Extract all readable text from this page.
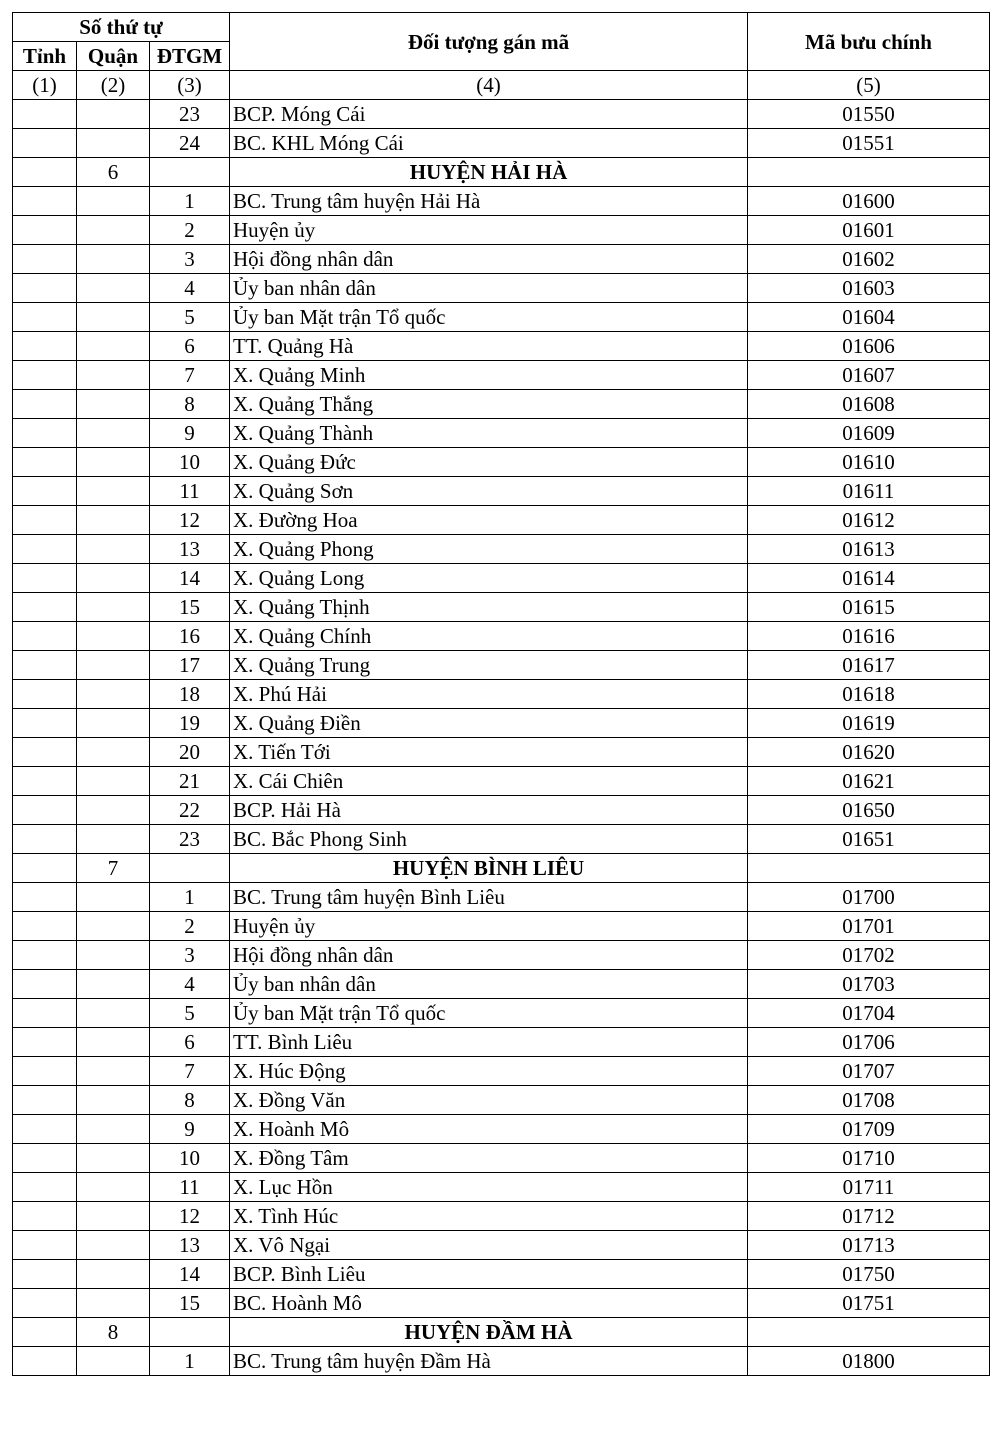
Số thứ tự			Đối tượng gán mã	Mã bưu chính
Tỉnh	Quận	ĐTGM		
(1)	(2)	(3)	(4)	(5)
		23	BCP. Móng Cái	01550
		24	BC. KHL Móng Cái	01551
	6		HUYỆN HẢI HÀ	
		1	BC. Trung tâm huyện Hải Hà	01600
		2	Huyện ủy	01601
		3	Hội đồng nhân dân	01602
		4	Ủy ban nhân dân	01603
		5	Ủy ban Mặt trận Tổ quốc	01604
		6	TT. Quảng Hà	01606
		7	X. Quảng Minh	01607
		8	X. Quảng Thắng	01608
		9	X. Quảng Thành	01609
		10	X. Quảng Đức	01610
		11	X. Quảng Sơn	01611
		12	X. Đường Hoa	01612
		13	X. Quảng Phong	01613
		14	X. Quảng Long	01614
		15	X. Quảng Thịnh	01615
		16	X. Quảng Chính	01616
		17	X. Quảng Trung	01617
		18	X. Phú Hải	01618
		19	X. Quảng Điền	01619
		20	X. Tiến Tới	01620
		21	X. Cái Chiên	01621
		22	BCP. Hải Hà	01650
		23	BC. Bắc Phong Sinh	01651
	7		HUYỆN BÌNH LIÊU	
		1	BC. Trung tâm huyện Bình Liêu	01700
		2	Huyện ủy	01701
		3	Hội đồng nhân dân	01702
		4	Ủy ban nhân dân	01703
		5	Ủy ban Mặt trận Tổ quốc	01704
		6	TT. Bình Liêu	01706
		7	X. Húc Động	01707
		8	X. Đồng Văn	01708
		9	X. Hoành Mô	01709
		10	X. Đồng Tâm	01710
		11	X. Lục Hồn	01711
		12	X. Tình Húc	01712
		13	X. Vô Ngại	01713
		14	BCP. Bình Liêu	01750
		15	BC. Hoành Mô	01751
	8		HUYỆN ĐẦM HÀ	
		1	BC. Trung tâm huyện Đầm Hà	01800
